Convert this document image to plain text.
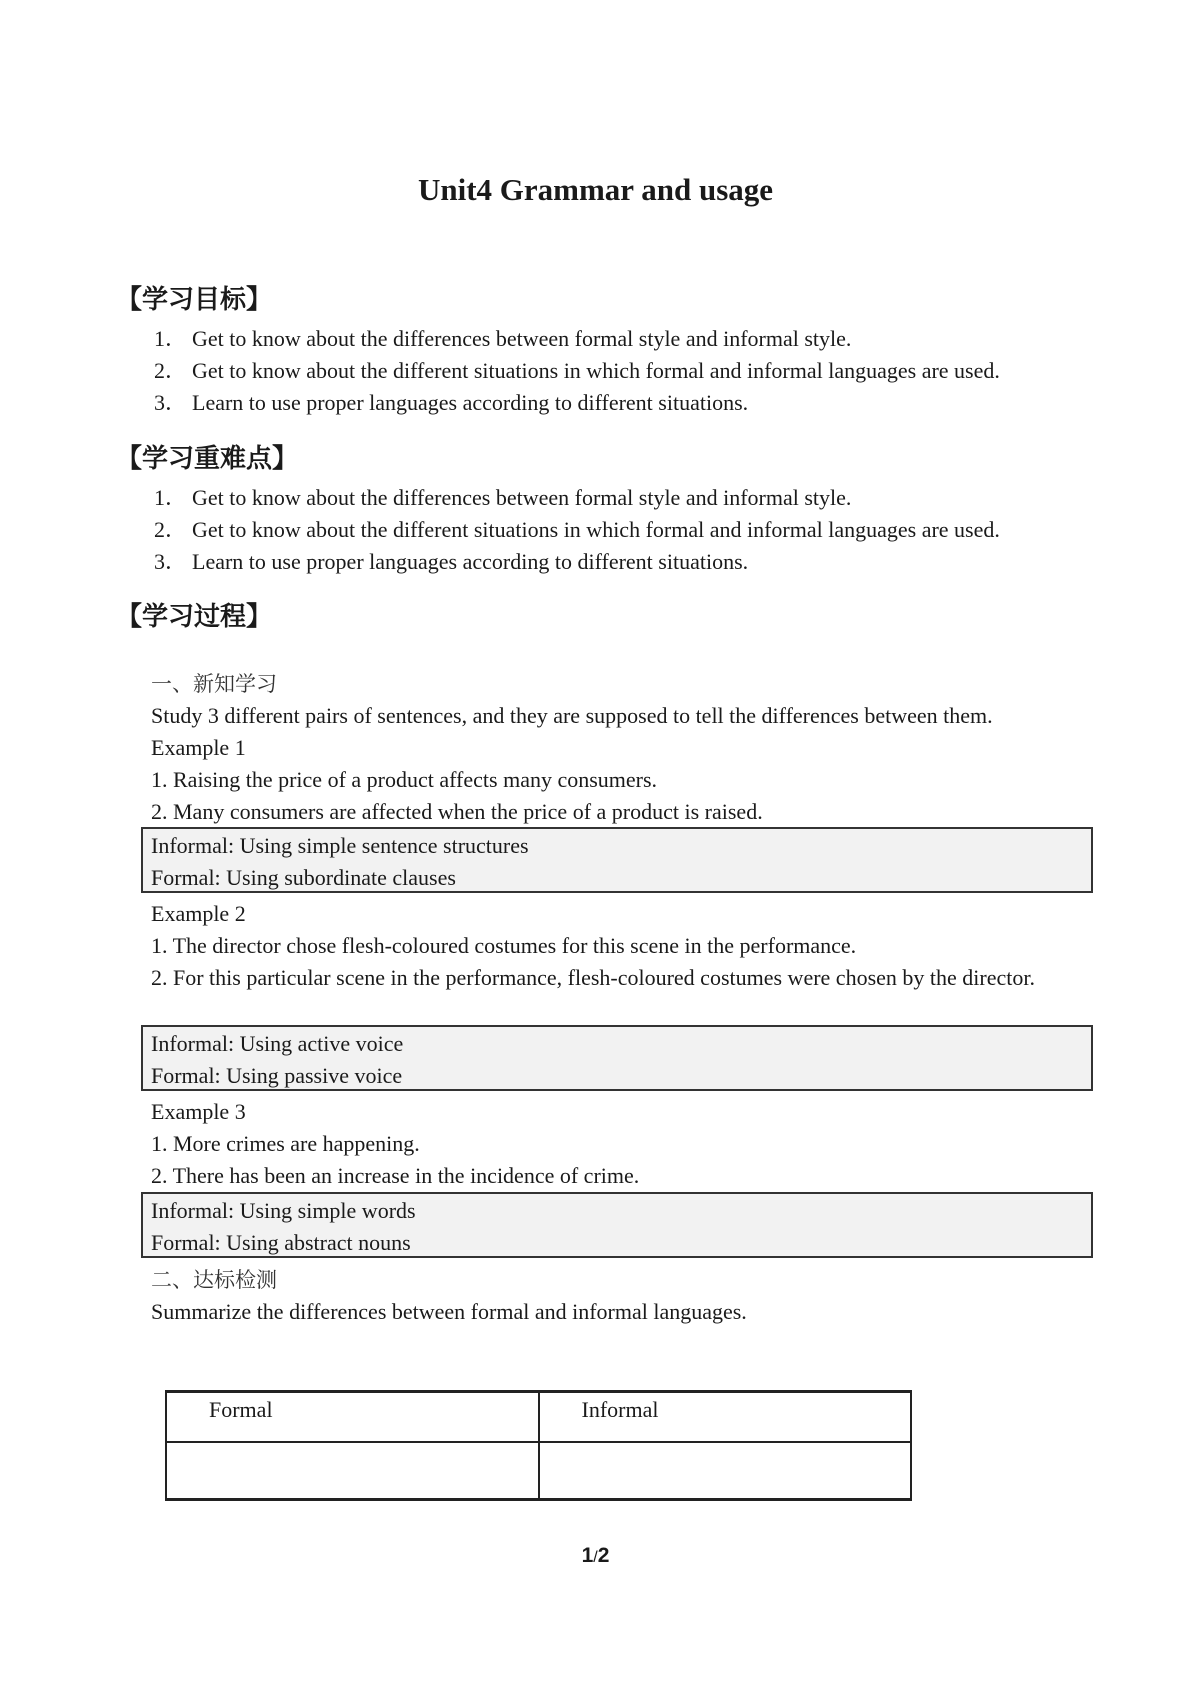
Unit4 Grammar and usage
【学习目标】
1． Get to know about the differences between formal style and informal style.
2． Get to know about the different situations in which formal and informal languages are used.
3． Learn to use proper languages according to different situations.
【学习重难点】
1． Get to know about the differences between formal style and informal style.
2． Get to know about the different situations in which formal and informal languages are used.
3． Learn to use proper languages according to different situations.
【学习过程】
一、新知学习
Study 3 different pairs of sentences, and they are supposed to tell the differences between them.
Example 1
1. Raising the price of a product affects many consumers.
2. Many consumers are affected when the price of a product is raised.
Informal: Using simple sentence structures
Formal: Using subordinate clauses
Example 2
1. The director chose flesh-coloured costumes for this scene in the performance.
2. For this particular scene in the performance, flesh-coloured costumes were chosen by the director.
Informal: Using active voice
Formal: Using passive voice
Example 3
1. More crimes are happening.
2. There has been an increase in the incidence of crime.
Informal: Using simple words
Formal: Using abstract nouns
二、达标检测
Summarize the differences between formal and informal languages.
Formal	Informal

1/2
